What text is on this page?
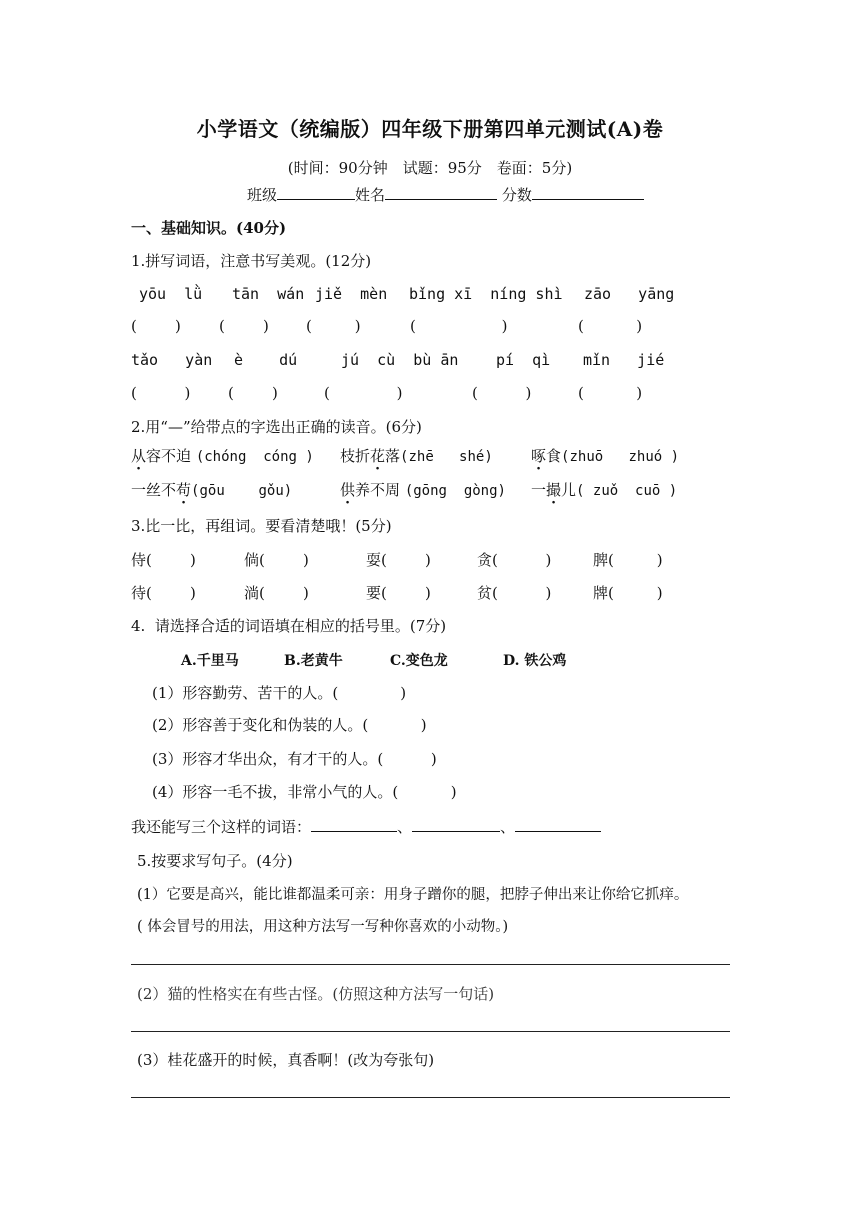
小学语文（统编版）四年级下册第四单元测试(A)卷
(时间：90分钟　试题：95分　卷面：5分)
班级	姓名	分数
一、基础知识。(40分)
1.拼写词语，注意书写美观。(12分)
yōu  lǜ tān  wán jiě  mèn bǐng xī  níng shì zāo   yāng
(        )	(        ) (         )	(                  )	(           )
tǎo   yàn è    dú	jú  cù  bù ān	pí  qì mǐn   jié
(          )	(        )	(              )	(          )	(           )
2.用“—”给带点的字选出正确的读音。(6分)
从容不迫 (chóng  cóng ) 枝折花落(zhē   shé)	啄食(zhuō   zhuó )
一丝不苟(gōu    gǒu)	供养不周 (gōng  gòng) 一撮儿( zuǒ  cuō )
3.比一比，再组词。要看清楚哦！(5分)
侍(        )	倘(        )	耍(        )	贪(          )	脾(         )
待(        )	淌(        )	要(        )	贫(          )	牌(         )
4.  请选择合适的词语填在相应的括号里。(7分)
A.千里马	B.老黄牛	C.变色龙	D. 铁公鸡
(1）形容勤劳、苦干的人。(             )
(2）形容善于变化和伪装的人。(           )
(3）形容才华出众，有才干的人。(          )
(4）形容一毛不拔，非常小气的人。(           )
我还能写三个这样的词语：	、	、
5.按要求写句子。(4分)
(1）它要是高兴，能比谁都温柔可亲：用身子蹭你的腿，把脖子伸出来让你给它抓痒。
( 体会冒号的用法，用这种方法写一写种你喜欢的小动物。)
(2）猫的性格实在有些古怪。(仿照这种方法写一句话)
(3）桂花盛开的时候，真香啊！(改为夸张句)
